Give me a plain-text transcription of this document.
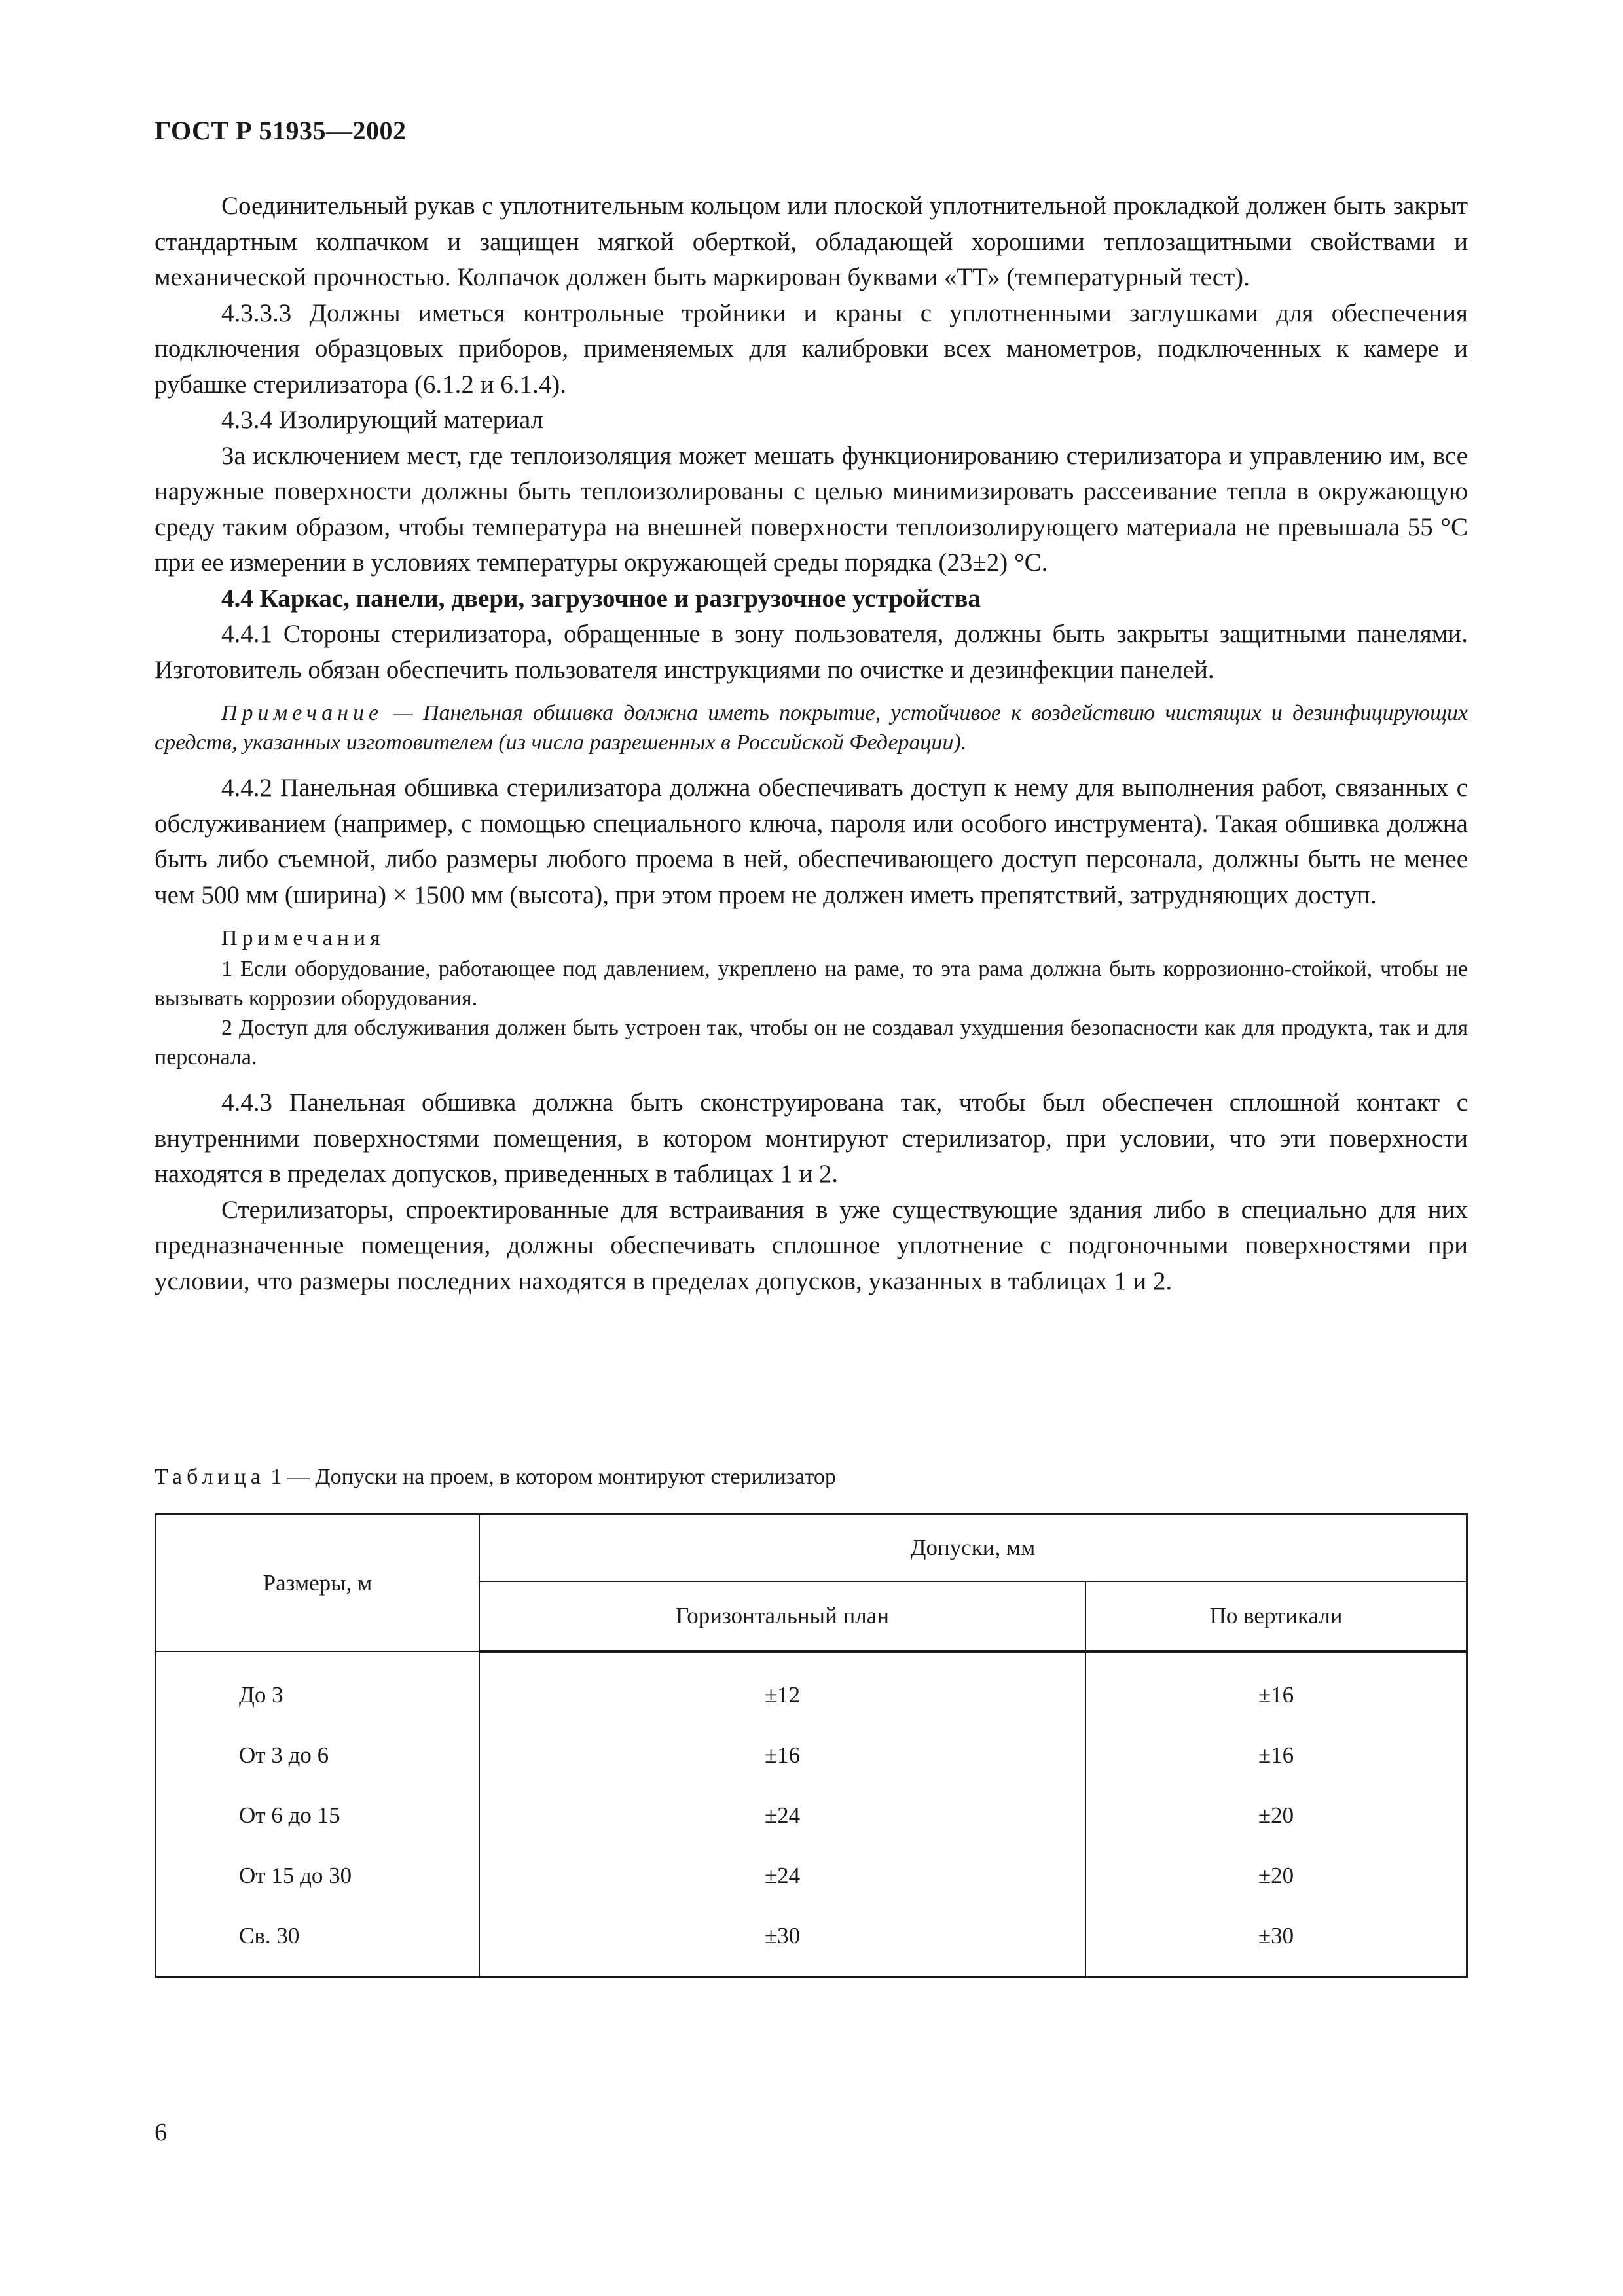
ГОСТ Р 51935—2002

Соединительный рукав с уплотнительным кольцом или плоской уплотнительной прокладкой должен быть закрыт стандартным колпачком и защищен мягкой оберткой, обладающей хорошими теплозащитными свойствами и механической прочностью. Колпачок должен быть маркирован буквами «ТТ» (температурный тест).

4.3.3.3 Должны иметься контрольные тройники и краны с уплотненными заглушками для обеспечения подключения образцовых приборов, применяемых для калибровки всех манометров, подключенных к камере и рубашке стерилизатора (6.1.2 и 6.1.4).

4.3.4 Изолирующий материал

За исключением мест, где теплоизоляция может мешать функционированию стерилизатора и управлению им, все наружные поверхности должны быть теплоизолированы с целью минимизировать рассеивание тепла в окружающую среду таким образом, чтобы температура на внешней поверхности теплоизолирующего материала не превышала 55 °С при ее измерении в условиях температуры окружающей среды порядка (23±2) °С.

4.4 Каркас, панели, двери, загрузочное и разгрузочное устройства

4.4.1 Стороны стерилизатора, обращенные в зону пользователя, должны быть закрыты защитными панелями. Изготовитель обязан обеспечить пользователя инструкциями по очистке и дезинфекции панелей.

Примечание — Панельная обшивка должна иметь покрытие, устойчивое к воздействию чистящих и дезинфицирующих средств, указанных изготовителем (из числа разрешенных в Российской Федерации).

4.4.2 Панельная обшивка стерилизатора должна обеспечивать доступ к нему для выполнения работ, связанных с обслуживанием (например, с помощью специального ключа, пароля или особого инструмента). Такая обшивка должна быть либо съемной, либо размеры любого проема в ней, обеспечивающего доступ персонала, должны быть не менее чем 500 мм (ширина) × 1500 мм (высота), при этом проем не должен иметь препятствий, затрудняющих доступ.

Примечания

1 Если оборудование, работающее под давлением, укреплено на раме, то эта рама должна быть коррозионно-стойкой, чтобы не вызывать коррозии оборудования.

2 Доступ для обслуживания должен быть устроен так, чтобы он не создавал ухудшения безопасности как для продукта, так и для персонала.

4.4.3 Панельная обшивка должна быть сконструирована так, чтобы был обеспечен сплошной контакт с внутренними поверхностями помещения, в котором монтируют стерилизатор, при условии, что эти поверхности находятся в пределах допусков, приведенных в таблицах 1 и 2.

Стерилизаторы, спроектированные для встраивания в уже существующие здания либо в специально для них предназначенные помещения, должны обеспечивать сплошное уплотнение с подгоночными поверхностями при условии, что размеры последних находятся в пределах допусков, указанных в таблицах 1 и 2.

Таблица 1 — Допуски на проем, в котором монтируют стерилизатор
Размеры, м	Допуски, мм	
	Горизонтальный план	По вертикали
До 3	±12	±16
От 3 до 6	±16	±16
От 6 до 15	±24	±20
От 15 до 30	±24	±20
Св. 30	±30	±30
6
